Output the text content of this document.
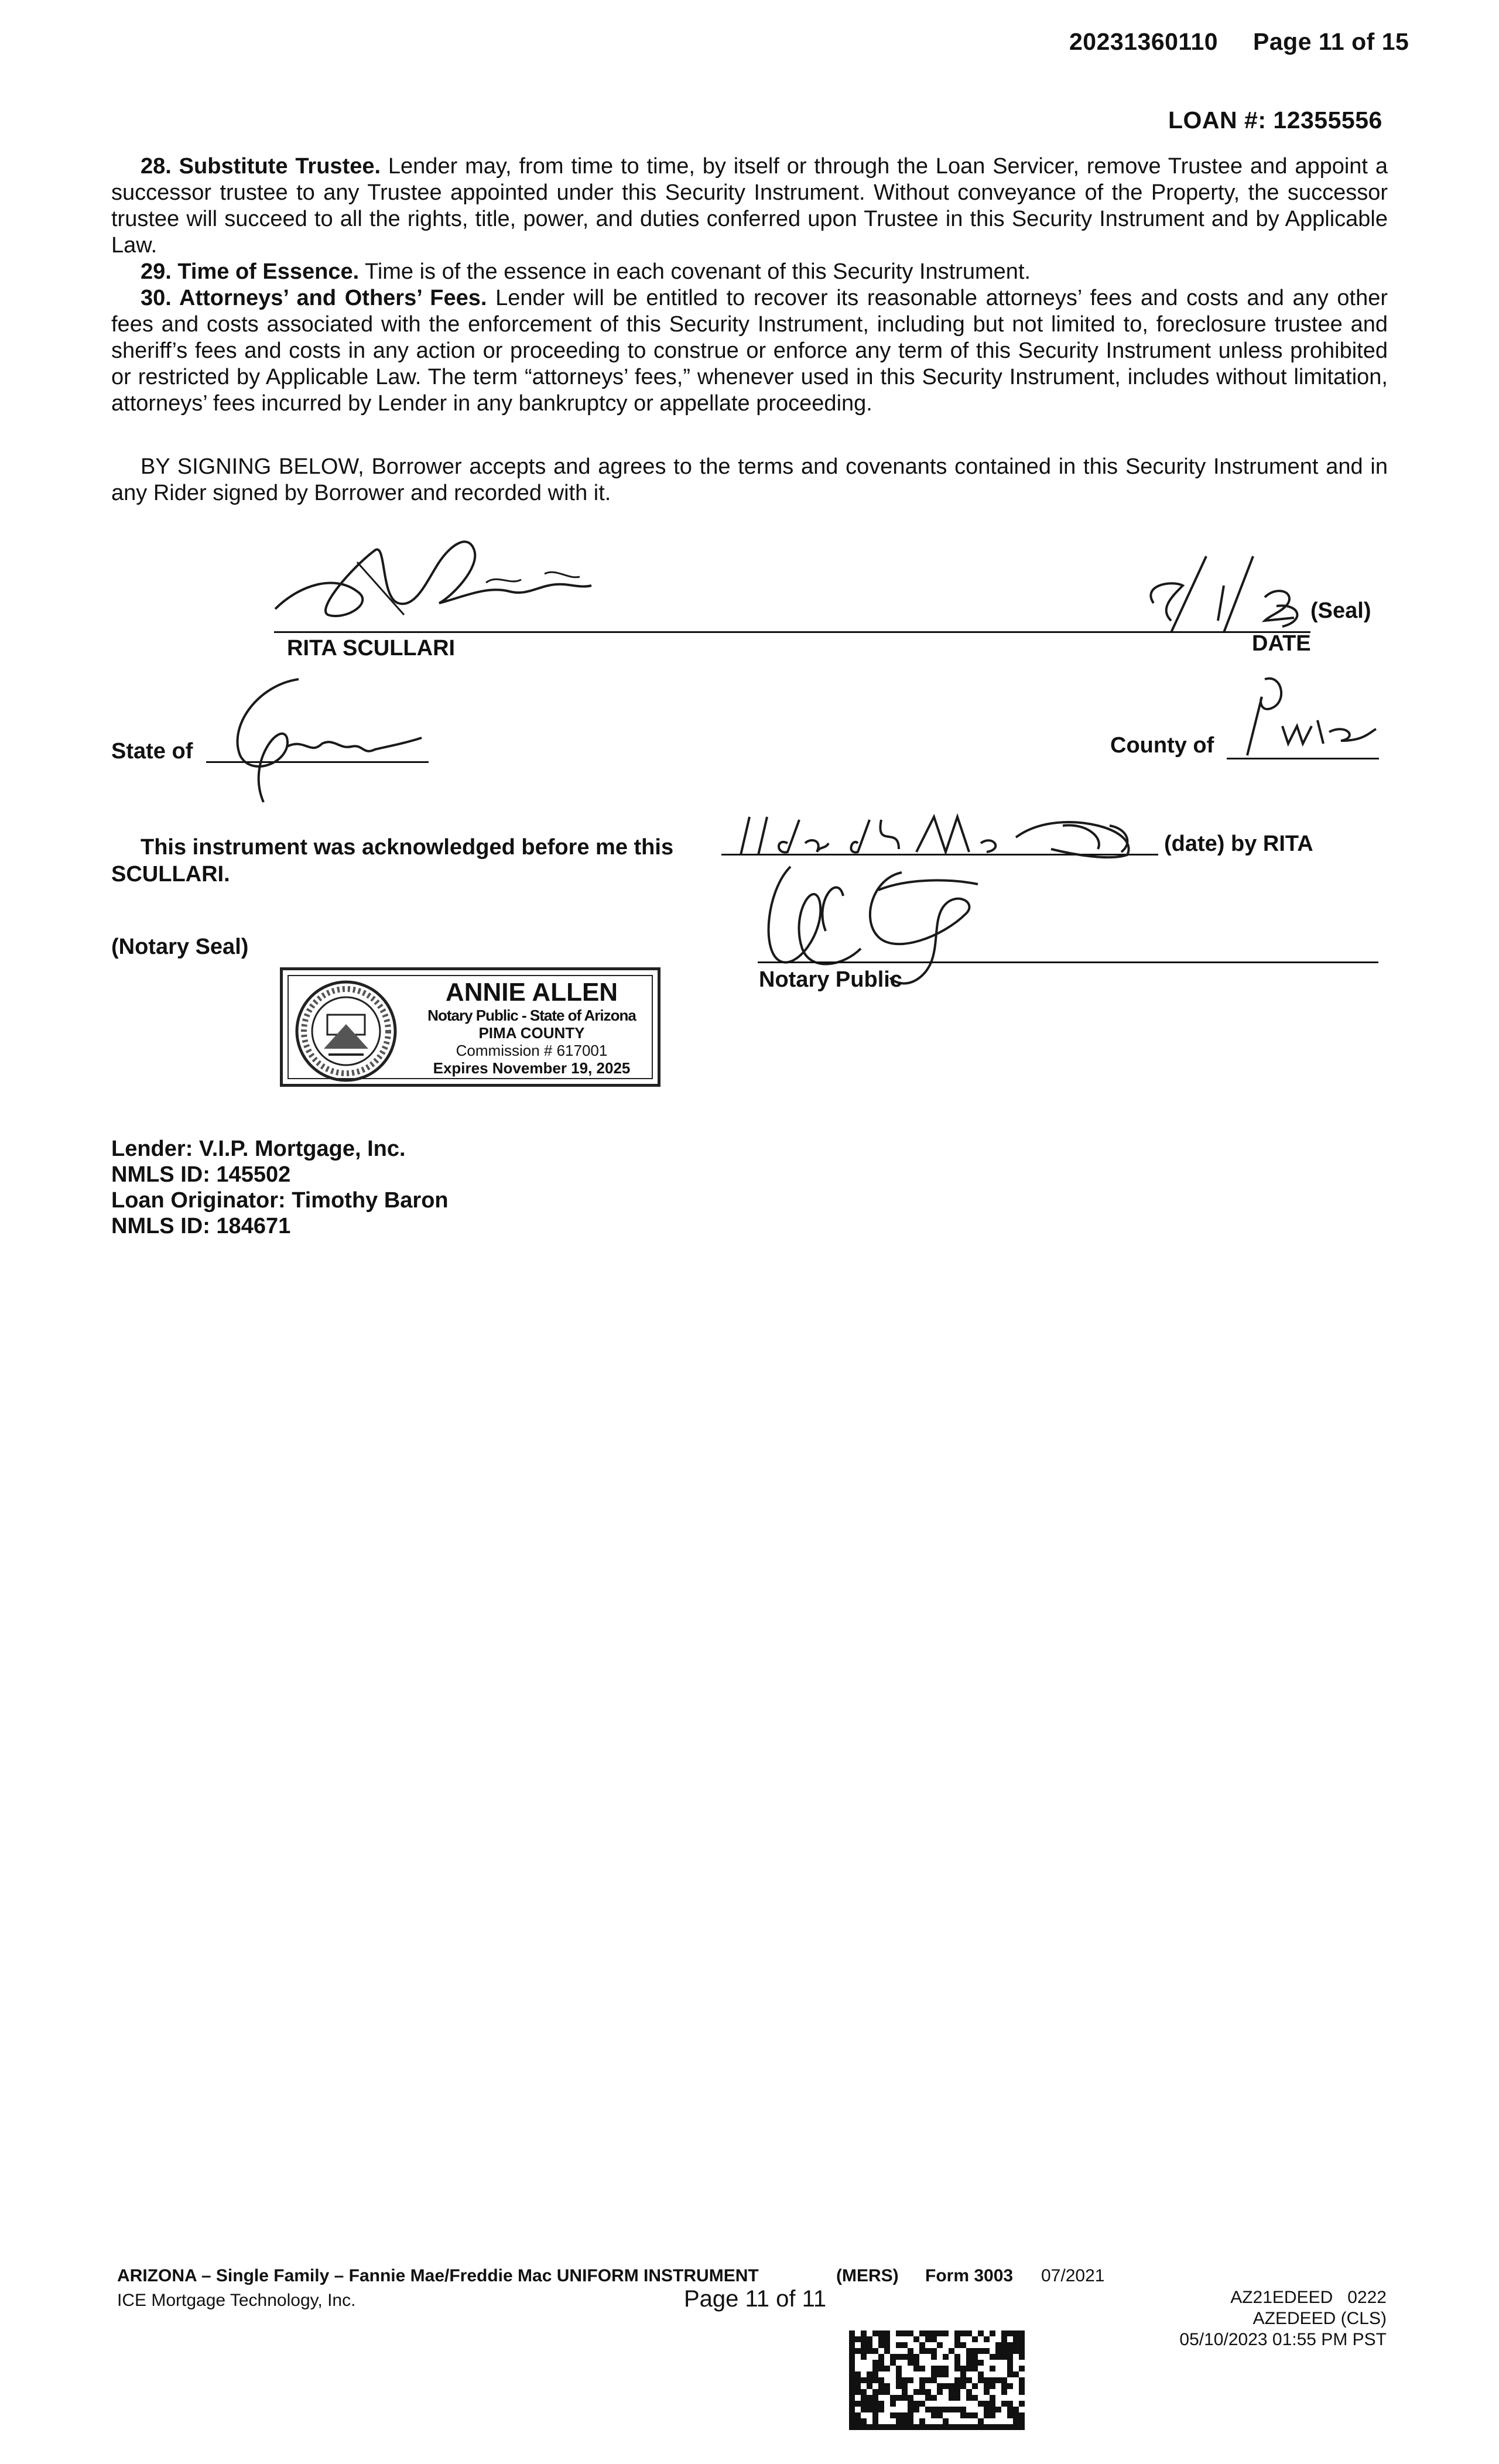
20231360110 Page 11 of 15
LOAN #: 12355556

28. Substitute Trustee. Lender may, from time to time, by itself or through the Loan Servicer, remove Trustee and appoint a successor trustee to any Trustee appointed under this Security Instrument. Without conveyance of the Property, the successor trustee will succeed to all the rights, title, power, and duties conferred upon Trustee in this Security Instrument and by Applicable Law.

29. Time of Essence. Time is of the essence in each covenant of this Security Instrument.

30. Attorneys’ and Others’ Fees. Lender will be entitled to recover its reasonable attorneys’ fees and costs and any other fees and costs associated with the enforcement of this Security Instrument, including but not limited to, foreclosure trustee and sheriff’s fees and costs in any action or proceeding to construe or enforce any term of this Security Instrument unless prohibited or restricted by Applicable Law. The term “attorneys’ fees,” whenever used in this Security Instrument, includes without limitation, attorneys’ fees incurred by Lender in any bankruptcy or appellate proceeding.

BY SIGNING BELOW, Borrower accepts and agrees to the terms and covenants contained in this Security Instrument and in any Rider signed by Borrower and recorded with it.

(Seal)
RITA SCULLARI	DATE
State of	County of
This instrument was acknowledged before me this	(date) by RITA
SCULLARI.
Notary Public
(Notary Seal)
ANNIE ALLEN
Notary Public - State of Arizona
PIMA COUNTY
Commission # 617001
Expires November 19, 2025
Lender: V.I.P. Mortgage, Inc.
NMLS ID: 145502
Loan Originator: Timothy Baron
NMLS ID: 184671
ARIZONA – Single Family – Fannie Mae/Freddie Mac UNIFORM INSTRUMENT	(MERS) Form 3003 07/2021
ICE Mortgage Technology, Inc.	Page 11 of 11	AZ21EDEED   0222
AZEDEED (CLS)
05/10/2023 01:55 PM PST
